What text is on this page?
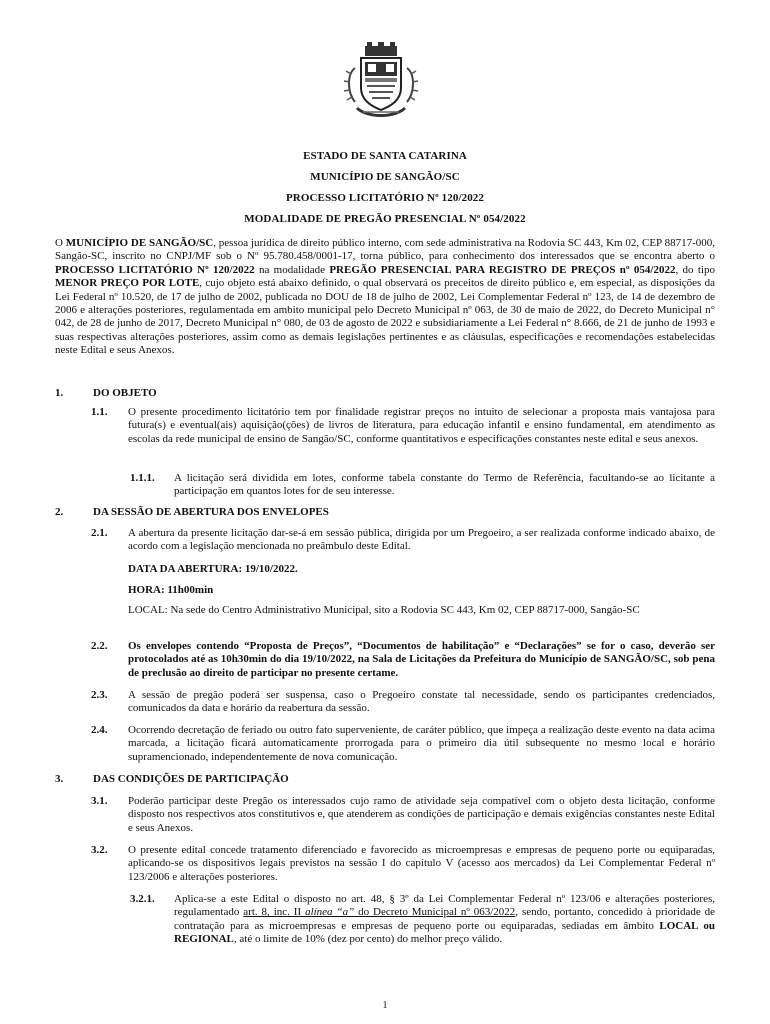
ESTADO DE SANTA CATARINA
MUNICÍPIO DE SANGÃO/SC
PROCESSO LICITATÓRIO Nº 120/2022
MODALIDADE DE PREGÃO PRESENCIAL Nº 054/2022
O MUNICÍPIO DE SANGÃO/SC, pessoa jurídica de direito público interno, com sede administrativa na Rodovia SC 443, Km 02, CEP 88717-000, Sangão-SC, inscrito no CNPJ/MF sob o Nº 95.780.458/0001-17, torna público, para conhecimento dos interessados que se encontra aberto o PROCESSO LICITATÓRIO Nº 120/2022 na modalidade PREGÃO PRESENCIAL PARA REGISTRO DE PREÇOS nº 054/2022, do tipo MENOR PREÇO POR LOTE, cujo objeto está abaixo definido, o qual observará os preceitos de direito público e, em especial, as disposições da Lei Federal nº 10.520, de 17 de julho de 2002, publicada no DOU de 18 de julho de 2002, Lei Complementar Federal nº 123, de 14 de dezembro de 2006 e alterações posteriores, regulamentada em ambito municipal pelo Decreto Municipal nº 063, de 30 de maio de 2022, do Decreto Municipal n° 042, de 28 de junho de 2017, Decreto Municipal n° 080, de 03 de agosto de 2022 e subsidiariamente a Lei Federal n° 8.666, de 21 de junho de 1993 e suas respectivas alterações posteriores, assim como as demais legislações pertinentes e as cláusulas, especificações e recomendações estabelecidas neste Edital e seus Anexos.
1.	DO OBJETO
1.1. O presente procedimento licitatório tem por finalidade registrar preços no intuito de selecionar a proposta mais vantajosa para futura(s) e eventual(ais) aquisição(ções) de livros de literatura, para educação infantil e ensino fundamental, em atendimento as escolas da rede municipal de ensino de Sangão/SC, conforme quantitativos e especificações constantes neste edital e seus anexos.
1.1.1. A licitação será dividida em lotes, conforme tabela constante do Termo de Referência, facultando-se ao licitante a participação em quantos lotes for de seu interesse.
2.	DA SESSÃO DE ABERTURA DOS ENVELOPES
2.1. A abertura da presente licitação dar-se-á em sessão pública, dirigida por um Pregoeiro, a ser realizada conforme indicado abaixo, de acordo com a legislação mencionada no preâmbulo deste Edital.
DATA DA ABERTURA: 19/10/2022.
HORA: 11h00min
LOCAL: Na sede do Centro Administrativo Municipal, sito a Rodovia SC 443, Km 02, CEP 88717-000, Sangão-SC
2.2. Os envelopes contendo “Proposta de Preços”, “Documentos de habilitação” e “Declarações” se for o caso, deverão ser protocolados até as 10h30min do dia 19/10/2022, na Sala de Licitações da Prefeitura do Município de SANGÃO/SC, sob pena de preclusão ao direito de participar no presente certame.
2.3. A sessão de pregão poderá ser suspensa, caso o Pregoeiro constate tal necessidade, sendo os participantes credenciados, comunicados da data e horário da reabertura da sessão.
2.4. Ocorrendo decretação de feriado ou outro fato superveniente, de caráter público, que impeça a realização deste evento na data acima marcada, a licitação ficará automaticamente prorrogada para o primeiro dia útil subsequente no mesmo local e horário supramencionado, independentemente de nova comunicação.
3.	DAS CONDIÇÕES DE PARTICIPAÇÃO
3.1. Poderão participar deste Pregão os interessados cujo ramo de atividade seja compatível com o objeto desta licitação, conforme disposto nos respectivos atos constitutivos e, que atenderem as condições de participação e demais exigências constantes neste Edital e seus Anexos.
3.2. O presente edital concede tratamento diferenciado e favorecido as microempresas e empresas de pequeno porte ou equiparadas, aplicando-se os dispositivos legais previstos na sessão I do capítulo V (acesso aos mercados) da Lei Complementar Federal nº 123/2006 e alterações posteriores.
3.2.1. Aplica-se a este Edital o disposto no art. 48, § 3º da Lei Complementar Federal nº 123/06 e alterações posteriores, regulamentado art. 8, inc. II alínea “a” do Decreto Municipal nº 063/2022, sendo, portanto, concedido à prioridade de contratação para as microempresas e empresas de pequeno porte ou equiparadas, sediadas em âmbito LOCAL ou REGIONAL, até o limite de 10% (dez por cento) do melhor preço válido.
1
